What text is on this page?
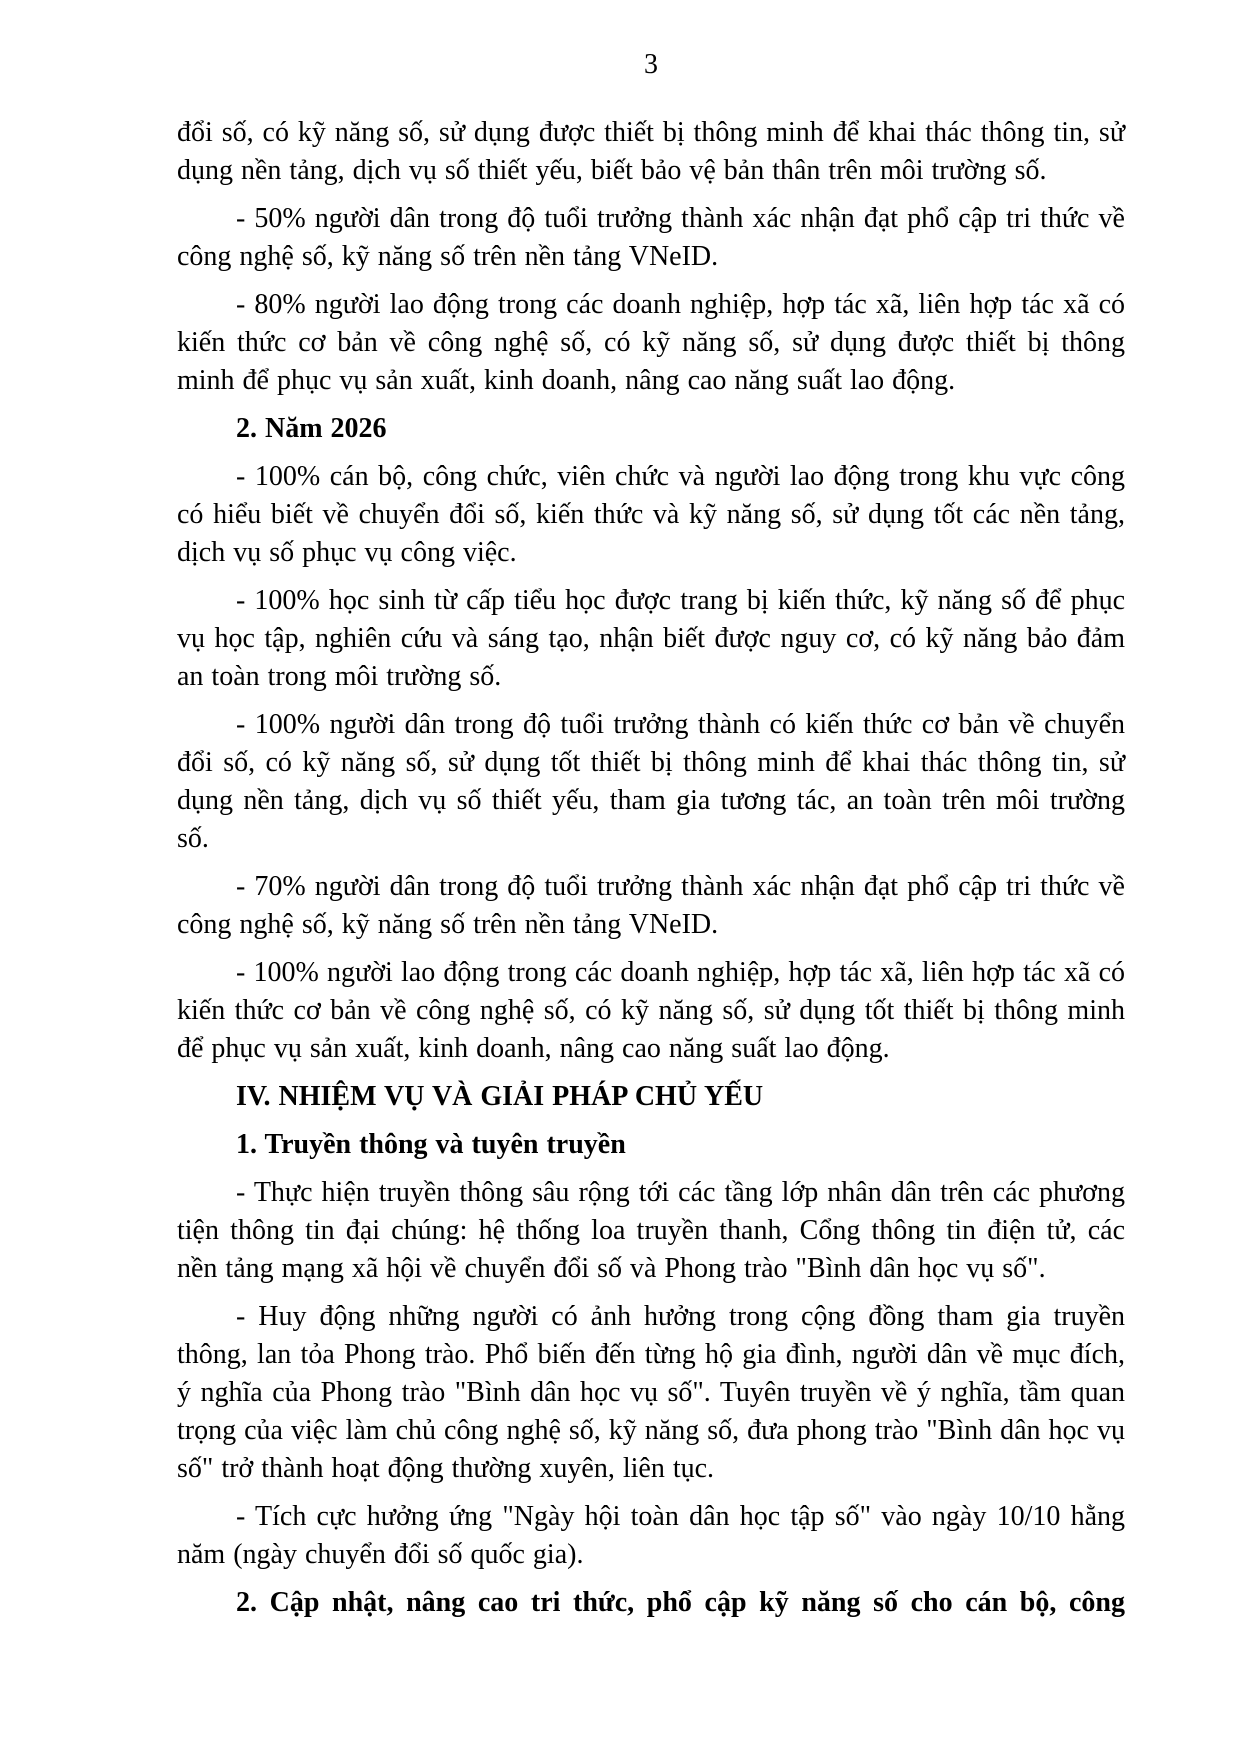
3

đổi số, có kỹ năng số, sử dụng được thiết bị thông minh để khai thác thông tin, sử dụng nền tảng, dịch vụ số thiết yếu, biết bảo vệ bản thân trên môi trường số.

- 50% người dân trong độ tuổi trưởng thành xác nhận đạt phổ cập tri thức về công nghệ số, kỹ năng số trên nền tảng VNeID.

- 80% người lao động trong các doanh nghiệp, hợp tác xã, liên hợp tác xã có kiến thức cơ bản về công nghệ số, có kỹ năng số, sử dụng được thiết bị thông minh để phục vụ sản xuất, kinh doanh, nâng cao năng suất lao động.

2. Năm 2026

- 100% cán bộ, công chức, viên chức và người lao động trong khu vực công có hiểu biết về chuyển đổi số, kiến thức và kỹ năng số, sử dụng tốt các nền tảng, dịch vụ số phục vụ công việc.

- 100% học sinh từ cấp tiểu học được trang bị kiến thức, kỹ năng số để phục vụ học tập, nghiên cứu và sáng tạo, nhận biết được nguy cơ, có kỹ năng bảo đảm an toàn trong môi trường số.

- 100% người dân trong độ tuổi trưởng thành có kiến thức cơ bản về chuyển đổi số, có kỹ năng số, sử dụng tốt thiết bị thông minh để khai thác thông tin, sử dụng nền tảng, dịch vụ số thiết yếu, tham gia tương tác, an toàn trên môi trường số.

- 70% người dân trong độ tuổi trưởng thành xác nhận đạt phổ cập tri thức về công nghệ số, kỹ năng số trên nền tảng VNeID.

- 100% người lao động trong các doanh nghiệp, hợp tác xã, liên hợp tác xã có kiến thức cơ bản về công nghệ số, có kỹ năng số, sử dụng tốt thiết bị thông minh để phục vụ sản xuất, kinh doanh, nâng cao năng suất lao động.

IV. NHIỆM VỤ VÀ GIẢI PHÁP CHỦ YẾU

1. Truyền thông và tuyên truyền

- Thực hiện truyền thông sâu rộng tới các tầng lớp nhân dân trên các phương tiện thông tin đại chúng: hệ thống loa truyền thanh, Cổng thông tin điện tử, các nền tảng mạng xã hội về chuyển đổi số và Phong trào "Bình dân học vụ số".

- Huy động những người có ảnh hưởng trong cộng đồng tham gia truyền thông, lan tỏa Phong trào. Phổ biến đến từng hộ gia đình, người dân về mục đích, ý nghĩa của Phong trào "Bình dân học vụ số". Tuyên truyền về ý nghĩa, tầm quan trọng của việc làm chủ công nghệ số, kỹ năng số, đưa phong trào "Bình dân học vụ số" trở thành hoạt động thường xuyên, liên tục.

- Tích cực hưởng ứng "Ngày hội toàn dân học tập số" vào ngày 10/10 hằng năm (ngày chuyển đổi số quốc gia).

2. Cập nhật, nâng cao tri thức, phổ cập kỹ năng số cho cán bộ, công
